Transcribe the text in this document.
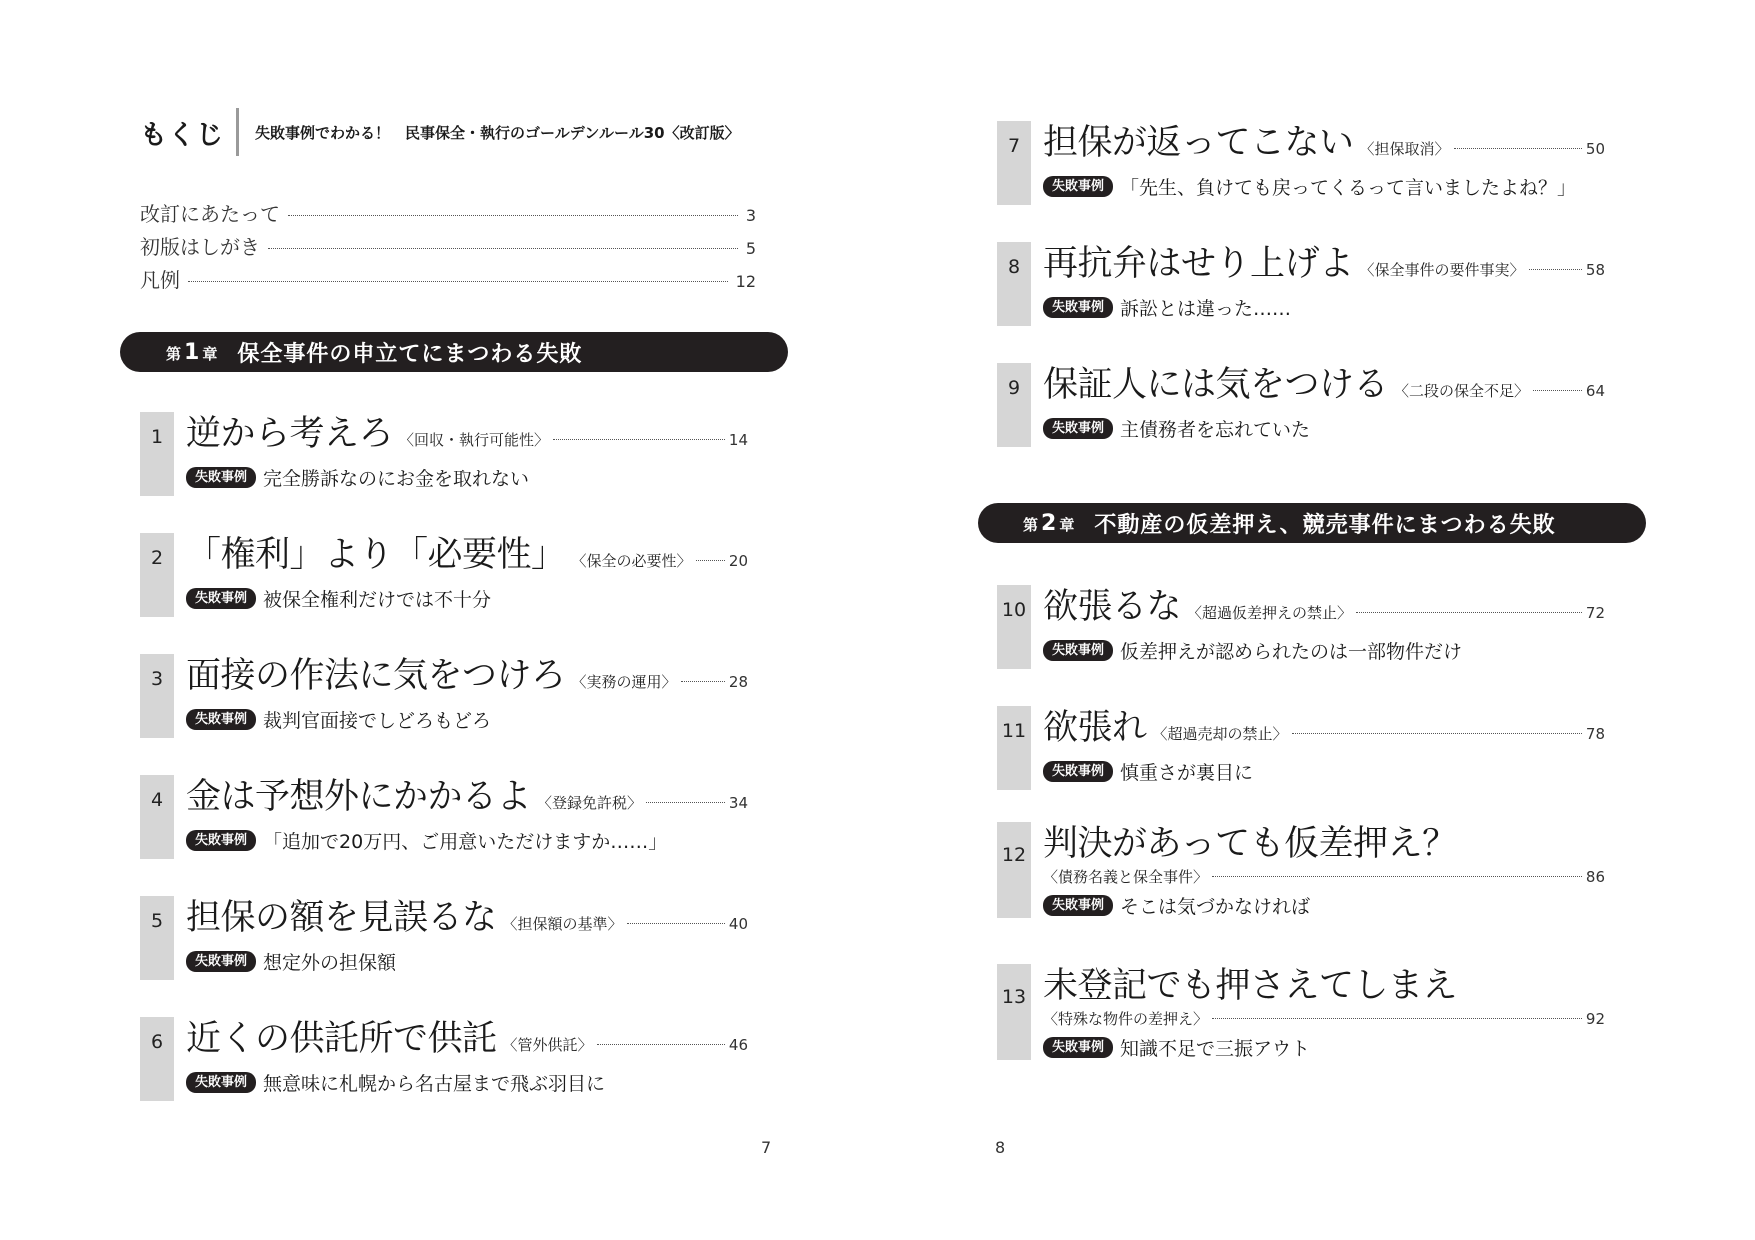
もくじ 失敗事例でわかる！　民事保全・執行のゴールデンルール30〈改訂版〉
改訂にあたって	3
初版はしがき	5
凡例	12
第 1 章 保全事件の申立てにまつわる失敗
1 逆から考えろ 〈回収・執行可能性〉	14
失敗事例 完全勝訴なのにお金を取れない
2 「権利」より「必要性」 〈保全の必要性〉 20
失敗事例 被保全権利だけでは不十分
3 面接の作法に気をつけろ 〈実務の運用〉	28
失敗事例 裁判官面接でしどろもどろ
4 金は予想外にかかるよ 〈登録免許税〉	34
失敗事例 「追加で20万円、ご用意いただけますか……」
5 担保の額を見誤るな 〈担保額の基準〉	40
失敗事例 想定外の担保額
6 近くの供託所で供託 〈管外供託〉	46
失敗事例 無意味に札幌から名古屋まで飛ぶ羽目に
7 担保が返ってこない 〈担保取消〉	50
失敗事例 「先生、負けても戻ってくるって言いましたよね？」
8 再抗弁はせり上げよ 〈保全事件の要件事実〉	58
失敗事例 訴訟とは違った……
9 保証人には気をつける 〈二段の保全不足〉	64
失敗事例 主債務者を忘れていた
第 2 章 不動産の仮差押え、競売事件にまつわる失敗
10 欲張るな 〈超過仮差押えの禁止〉	72
失敗事例 仮差押えが認められたのは一部物件だけ
11 欲張れ 〈超過売却の禁止〉	78
失敗事例 慎重さが裏目に
12 判決があっても仮差押え？
〈債務名義と保全事件〉	86
失敗事例 そこは気づかなければ
13 未登記でも押さえてしまえ
〈特殊な物件の差押え〉	92
失敗事例 知識不足で三振アウト
7	8
